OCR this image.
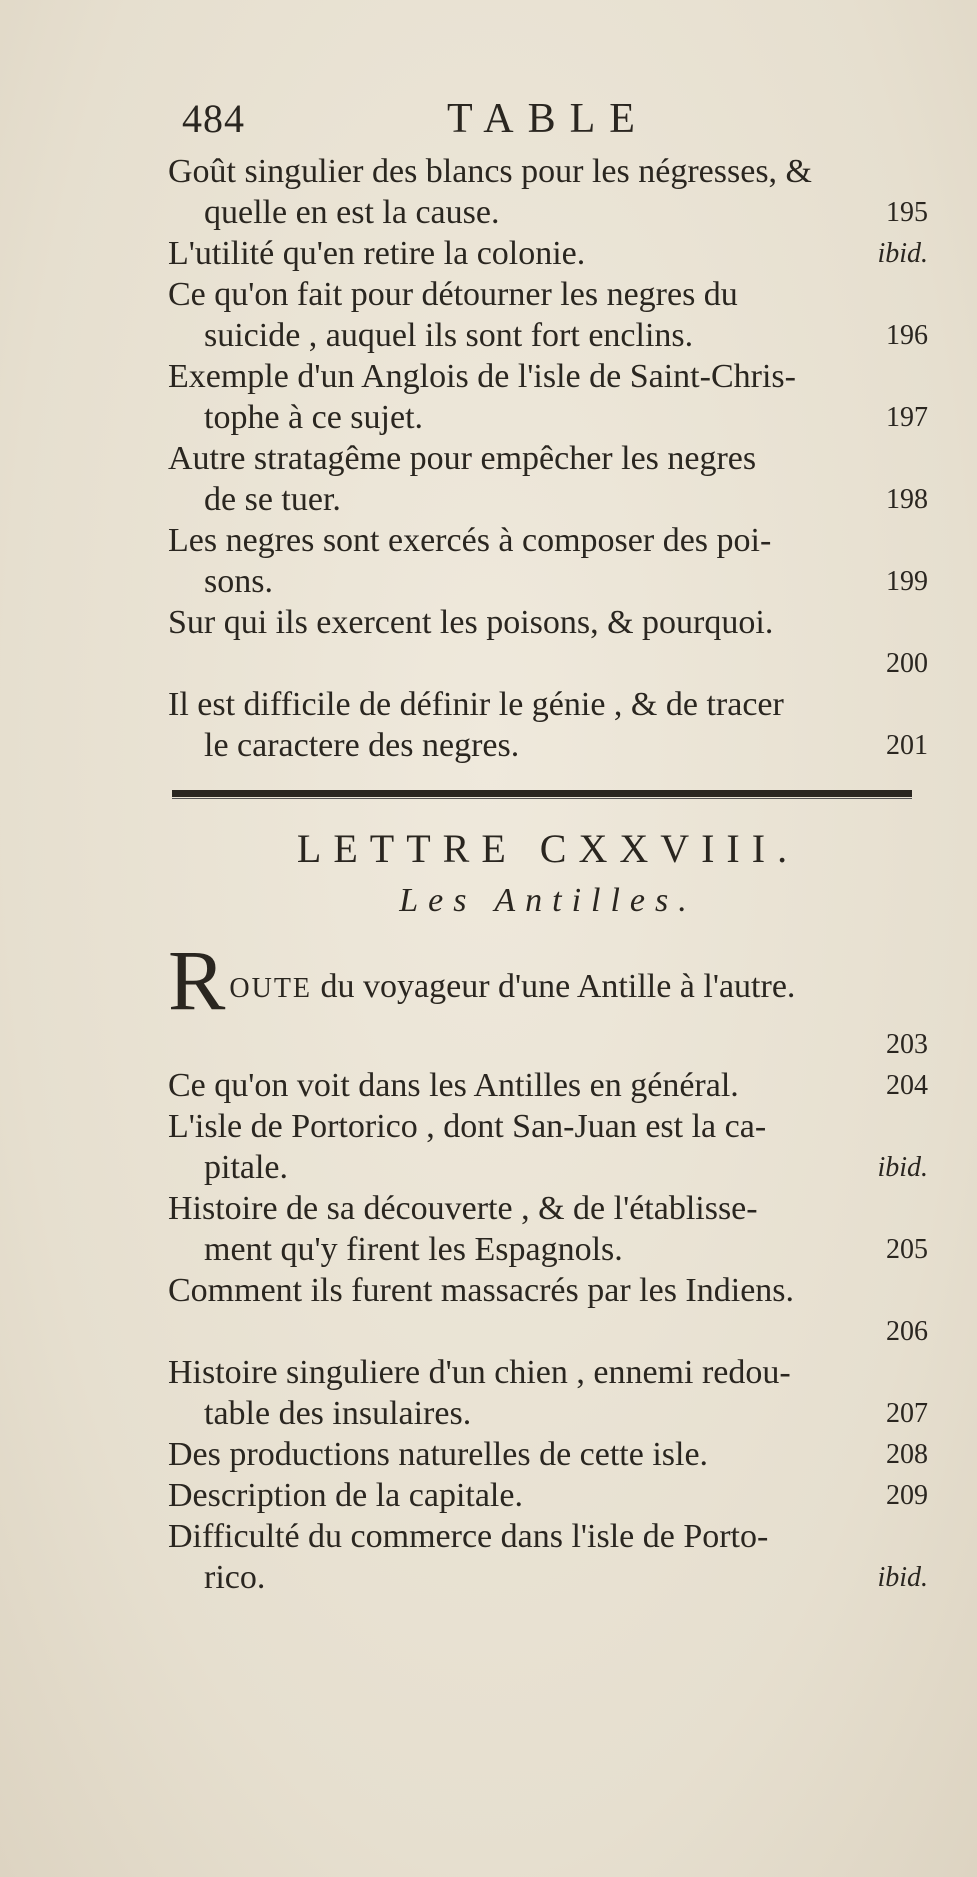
484	TABLE
Goût singulier des blancs pour les négresses, &
quelle en est la cause.	195
L'utilité qu'en retire la colonie.	ibid.
Ce qu'on fait pour détourner les negres du
suicide , auquel ils sont fort enclins.	196
Exemple d'un Anglois de l'isle de Saint-Chris-
tophe à ce sujet.	197
Autre stratagême pour empêcher les negres
de se tuer.	198
Les negres sont exercés à composer des poi-
sons.	199
Sur qui ils exercent les poisons, & pourquoi.
200
Il est difficile de définir le génie , & de tracer
le caractere des negres.	201
LETTRE CXXVIII.
Les Antilles.
R OUTE du voyageur d'une Antille à l'autre.
203
Ce qu'on voit dans les Antilles en général.	204
L'isle de Portorico , dont San-Juan est la ca-
pitale.	ibid.
Histoire de sa découverte , & de l'établisse-
ment qu'y firent les Espagnols.	205
Comment ils furent massacrés par les Indiens.
206
Histoire singuliere d'un chien , ennemi redou-
table des insulaires.	207
Des productions naturelles de cette isle.	208
Description de la capitale.	209
Difficulté du commerce dans l'isle de Porto-
rico.	ibid.
